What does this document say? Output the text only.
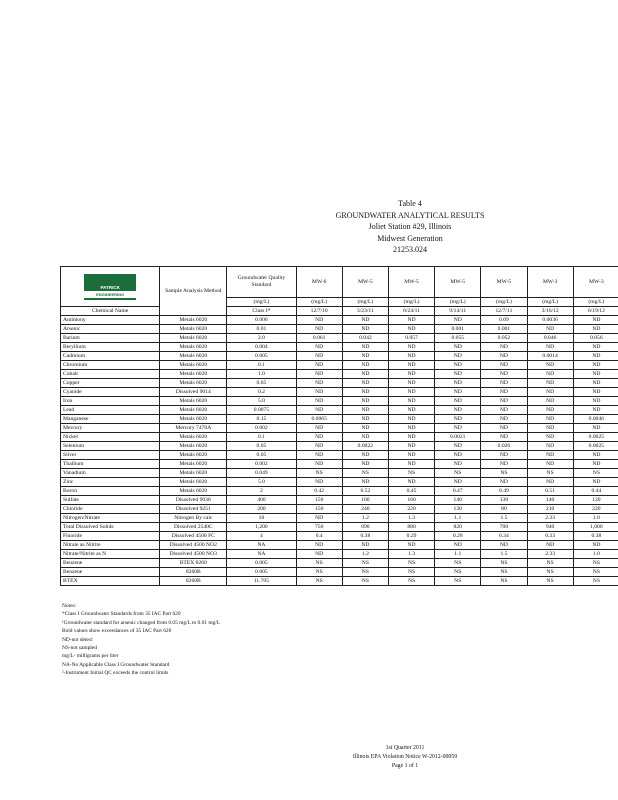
Table 4
GROUNDWATER ANALYTICAL RESULTS
Joliet Station #29, Illinois
Midwest Generation
21253.024
PATRICK
ENGINEERING	Sample Analysis Method	Groundwater Quality Standard	MW-6	MW-5	MW-5	MW-5	MW-5	MW-3	MW-3
		(mg/L)	(mg/L)	(mg/L)	(mg/L)	(mg/L)	(mg/L)	(mg/L)	(mg/L)
Chemical Name		Class I*	12/7/10	3/23/11	6/24/11	9/14/11	12/7/11	3/16/12	6/19/12
Antimony	Metals 6020	0.006	ND	ND	ND	ND	0.09	0.0036	ND
Arsenic	Metals 6020	0.01	ND	ND	ND	0.001	0.001	ND	ND
Barium	Metals 6020	2.0	0.061	0.042	0.057	0.055	0.052	0.046	0.056
Beryllium	Metals 6020	0.004	ND	ND	ND	ND	ND	ND	ND
Cadmium	Metals 6020	0.005	ND	ND	ND	ND	ND	0.0014	ND
Chromium	Metals 6020	0.1	ND	ND	ND	ND	ND	ND	ND
Cobalt	Metals 6020	1.0	ND	ND	ND	ND	ND	ND	ND
Copper	Metals 6020	0.65	ND	ND	ND	ND	ND	ND	ND
Cyanide	Dissolved 9014	0.2	ND	ND	ND	ND	ND	ND	ND
Iron	Metals 6020	5.0	ND	ND	ND	ND	ND	ND	ND
Lead	Metals 6020	0.0075	ND	ND	ND	ND	ND	ND	ND
Manganese	Metals 6020	0.15	0.0065	ND	ND	ND	ND	ND	0.0046
Mercury	Mercury 7470A	0.002	ND	ND	ND	ND	ND	ND	ND
Nickel	Metals 6020	0.1	ND	ND	ND	0.0021	ND	ND	0.0025
Selenium	Metals 6020	0.05	ND	0.0022	ND	ND	0.026	ND	0.0025
Silver	Metals 6020	0.05	ND	ND	ND	ND	ND	ND	ND
Thallium	Metals 6020	0.002	ND	ND	ND	ND	ND	ND	ND
Vanadium	Metals 6020	0.049	NS	NS	NS	NS	NS	NS	NS
Zinc	Metals 6020	5.0	ND	ND	ND	ND	ND	ND	ND
Boron	Metals 6020	2	0.42	0.52	0.45	0.47	0.49	0.51	0.44
Sulfate	Dissolved 9038	400	150	160	160	140	130	140	120
Chloride	Dissolved 9251	200	150	240	220	130	80	210	220
Nitrogen/Nitrate	Nitrogen By calc	10	ND	1.2	1.3	1.1	1.5	2.33	1.0
Total Dissolved Solids	Dissolved 2540C	1,200	750	890	880	820	700	940	1,000
Fluoride	Dissolved 4500 FC	4	0.4	0.38	0.29	0.28	0.34	0.33	0.38
Nitrate as Nitrite	Dissolved 4500 NO2	NA	ND	ND	ND	ND	ND	ND	ND
Nitrate/Nitrite as N	Dissolved 4500 NO3	NA	ND	1.2	1.3	1.1	1.5	2.33	1.0
Benzene	BTEX 8260	0.005	NS	NS	NS	NS	NS	NS	NS
Benzene	8260B	0.005	NS	NS	NS	NS	NS	NS	NS
BTEX	8260B	11.705	NS	NS	NS	NS	NS	NS	NS
Notes:
*Class I Groundwater Standards from 35 IAC Part 620
¹Groundwater standard for arsenic changed from 0.05 mg/L to 0.01 mg/L
Bold values show exceedances of 35 IAC Part 620
ND-not detect
NS-not sampled
mg/L- milligrams per liter
NA-No Applicable Class I Groundwater Standard
²-Instrument Initial QC exceeds the control limits
1st Quarter 2011
Illinois EPA Violation Notice W-2012-00059
Page 1 of 1
